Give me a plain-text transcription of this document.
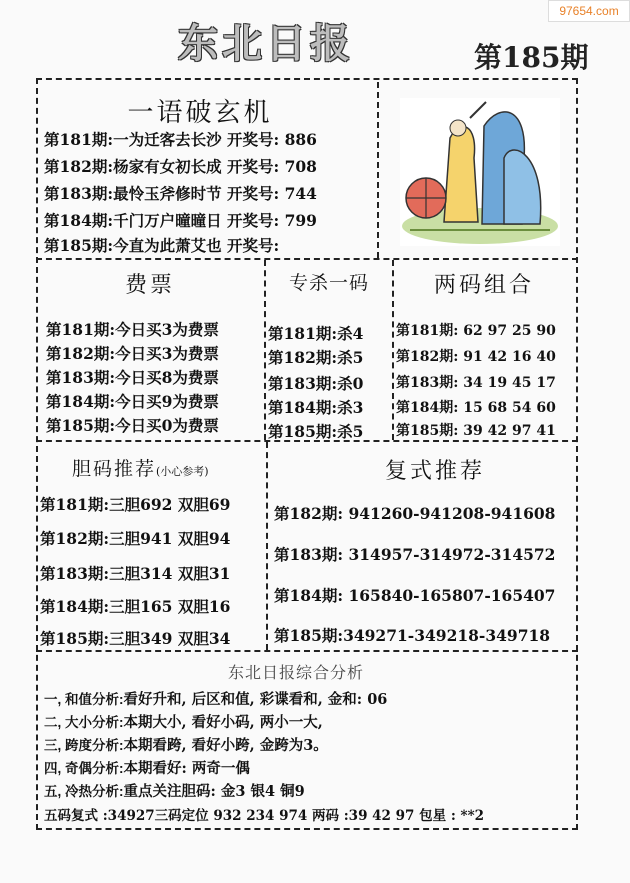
97654.com
东北日报	第185期
一语破玄机
第181期:一为迁客去长沙 开奖号: 886
第182期:杨家有女初长成 开奖号: 708
第183期:最怜玉斧修时节 开奖号: 744
第184期:千门万户曈曈日 开奖号: 799
第185期:今直为此萧艾也 开奖号:
费票
第181期:今日买3为费票
第182期:今日买3为费票
第183期:今日买8为费票
第184期:今日买9为费票
第185期:今日买0为费票
专杀一码
第181期:杀4
第182期:杀5
第183期:杀0
第184期:杀3
第185期:杀5
两码组合
第181期: 62 97 25 90
第182期: 91 42 16 40
第183期: 34 19 45 17
第184期: 15 68 54 60
第185期: 39 42 97 41
胆码推荐(小心参考)
第181期:三胆692 双胆69
第182期:三胆941 双胆94
第183期:三胆314 双胆31
第184期:三胆165 双胆16
第185期:三胆349 双胆34
复式推荐
第182期: 941260-941208-941608
第183期: 314957-314972-314572
第184期: 165840-165807-165407
第185期:349271-349218-349718
东北日报综合分析
一, 和值分析:看好升和, 后区和值, 彩谍看和, 金和: 06
二, 大小分析:本期大小, 看好小码, 两小一大,
三, 跨度分析:本期看跨, 看好小跨, 金跨为3。
四, 奇偶分析:本期看好: 两奇一偶
五, 冷热分析:重点关注胆码: 金3 银4 铜9
五码复式 :34927三码定位 932 234 974 两码 :39 42 97 包星 : **2
